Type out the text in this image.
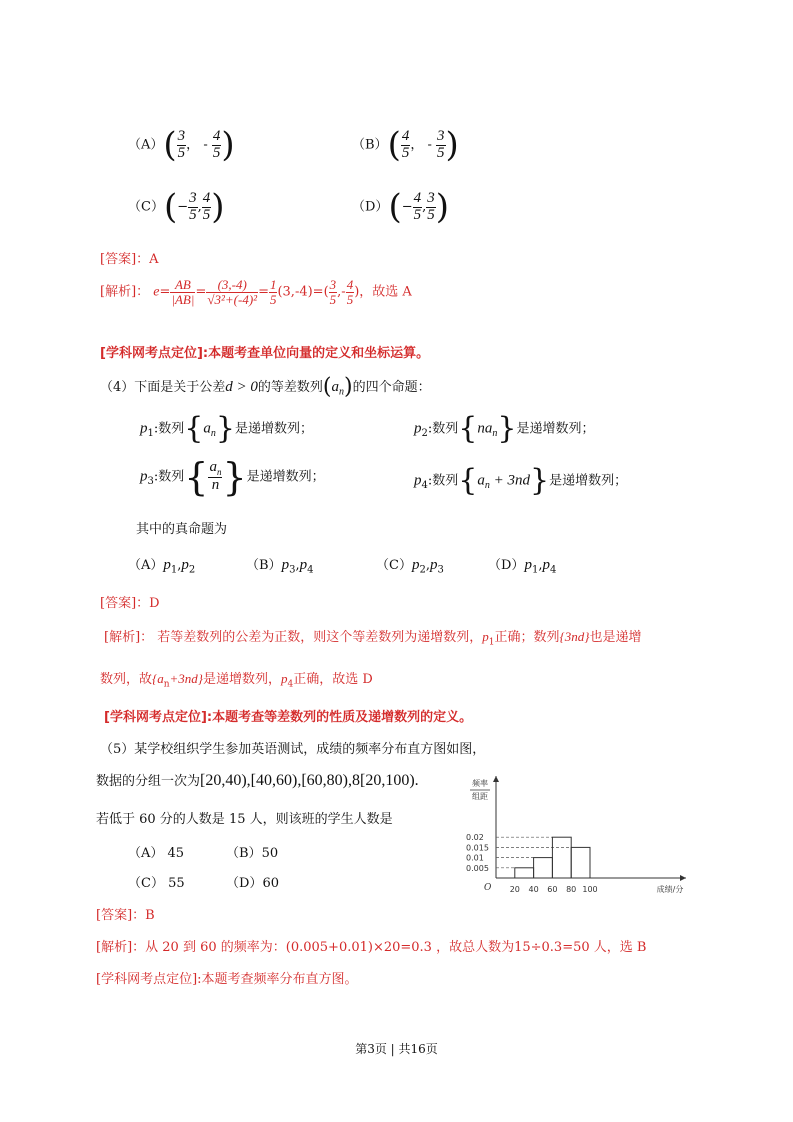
$(A)( \frac{3}{5}$ ， - $\frac{4}{5}$ )	$(B)( \frac{4}{5}$ ， - $\frac{3}{5}$ )
$(C)(- \frac{3}{5}$ , $\frac{4}{5}$ )	$(D)(- \frac{4}{5}$ , $\frac{3}{5}$ )
[答案]：A
[解析]： $e= \frac{AB}{|AB|} = \frac{(3,-4)}{\text{√3²+(-4)²}} = \frac{1}{5} (3,-4)=( \frac{3}{5}$ ,- $\frac{4}{5}$ )，故选 A
[学科网考点定位]:本题考查单位向量的定义和坐标运算。
（4）下面是关于公差d > 0的等差数列$(a_n)$的四个命题：
$p_1$:数列$\{a_n\}$是递增数列；	$p_2$:数列$\{na_n\}$是递增数列；
$p_3$:数列{ $\frac{a_n}{n}$ }是递增数列；	$p_4$:数列$\{a_n + 3nd\}$是递增数列；
其中的真命题为
$(A)p_1,p_2$	$(B)p_3,p_4$	$(C)p_2,p_3$	$(D)p_1,p_4$
[答案]：D
[解析]： 若等差数列的公差为正数，则这个等差数列为递增数列，$p_1$正确；数列{3nd}也是递增
数列，故$\{a_n+3nd\}$是递增数列，$p_4$正确，故选 D
[学科网考点定位]:本题考查等差数列的性质及递增数列的定义。
（5）某学校组织学生参加英语测试，成绩的频率分布直方图如图，
数据的分组一次为[20,40),[40,60),[60,80),8[20,100).
若低于 60 分的人数是 15 人，则该班的学生人数是
（A） 45	（B）50
（C） 55	（D）60
频率
组距
O
0.005
0.01
0.015
0.02
20 40 60 80 100	成绩/分
[答案]：B
[解析]：从 20 到 60 的频率为：(0.005+0.01)×20=0.3 ，故总人数为15÷0.3=50 人，选 B
[学科网考点定位]:本题考查频率分布直方图。
第3页 | 共16页
